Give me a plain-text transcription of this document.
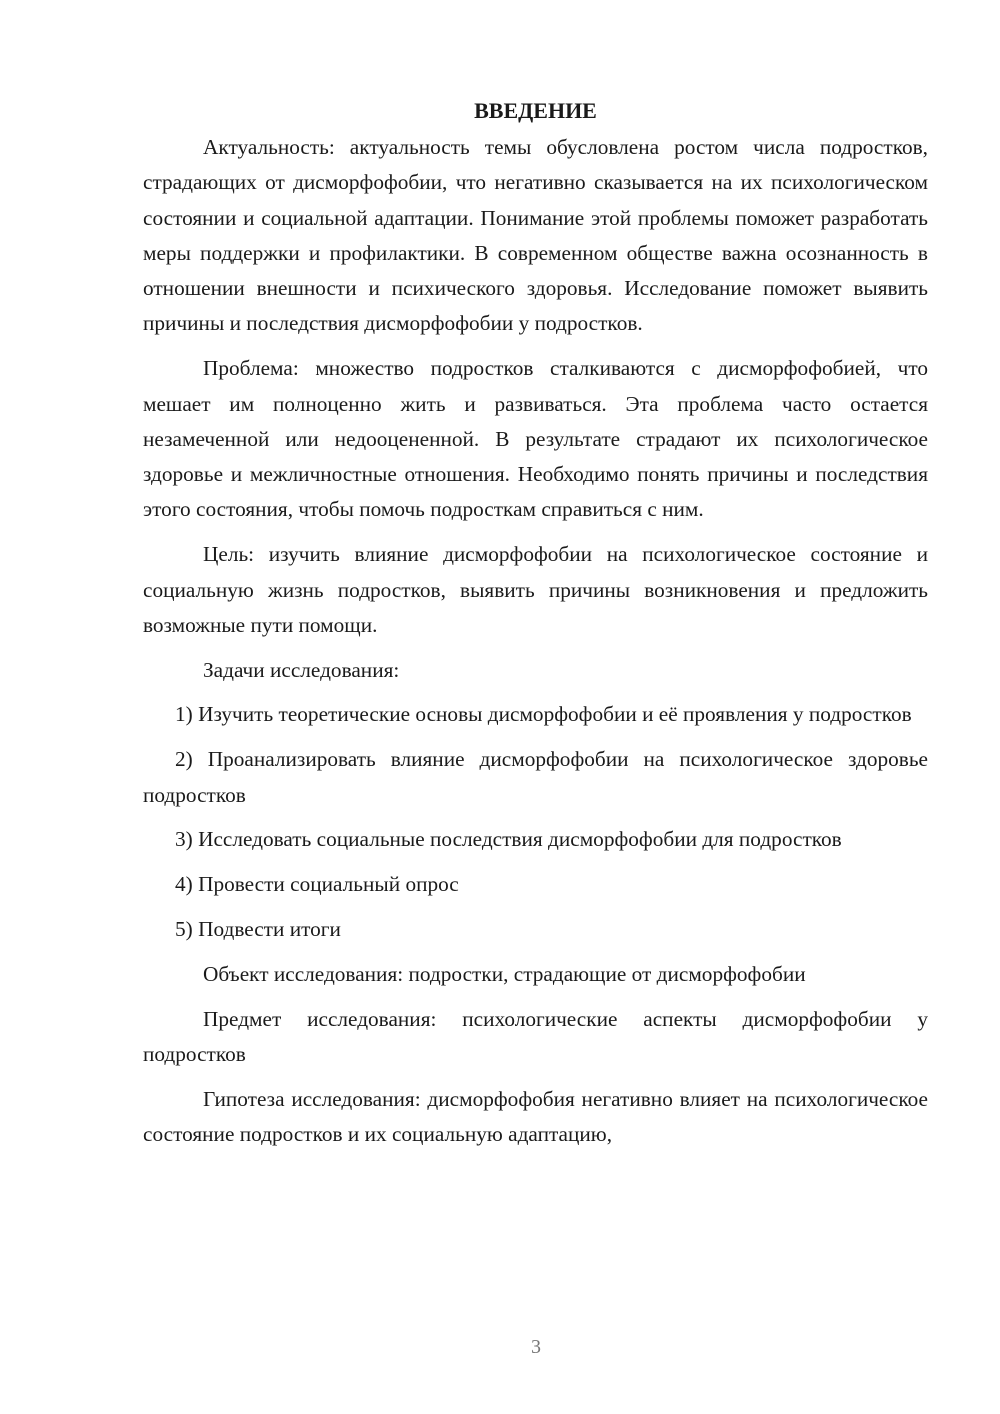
ВВЕДЕНИЕ

Актуальность: актуальность темы обусловлена ростом числа подростков, страдающих от дисморфофобии, что негативно сказывается на их психологическом состоянии и социальной адаптации. Понимание этой проблемы поможет разработать меры поддержки и профилактики. В современном обществе важна осознанность в отношении внешности и психического здоровья. Исследование поможет выявить причины и последствия дисморфофобии у подростков.

Проблема: множество подростков сталкиваются с дисморфофобией, что мешает им полноценно жить и развиваться. Эта проблема часто остается незамеченной или недооцененной. В результате страдают их психологическое здоровье и межличностные отношения. Необходимо понять причины и последствия этого состояния, чтобы помочь подросткам справиться с ним.

Цель: изучить влияние дисморфофобии на психологическое состояние и социальную жизнь подростков, выявить причины возникновения и предложить возможные пути помощи.

Задачи исследования:

1) Изучить теоретические основы дисморфофобии и её проявления у подростков

2) Проанализировать влияние дисморфофобии на психологическое здоровье подростков

3) Исследовать социальные последствия дисморфофобии для подростков

4) Провести социальный опрос

5) Подвести итоги

Объект исследования: подростки, страдающие от дисморфофобии

Предмет исследования: психологические аспекты дисморфофобии у подростков

Гипотеза исследования: дисморфофобия негативно влияет на психологическое состояние подростков и их социальную адаптацию,

3
